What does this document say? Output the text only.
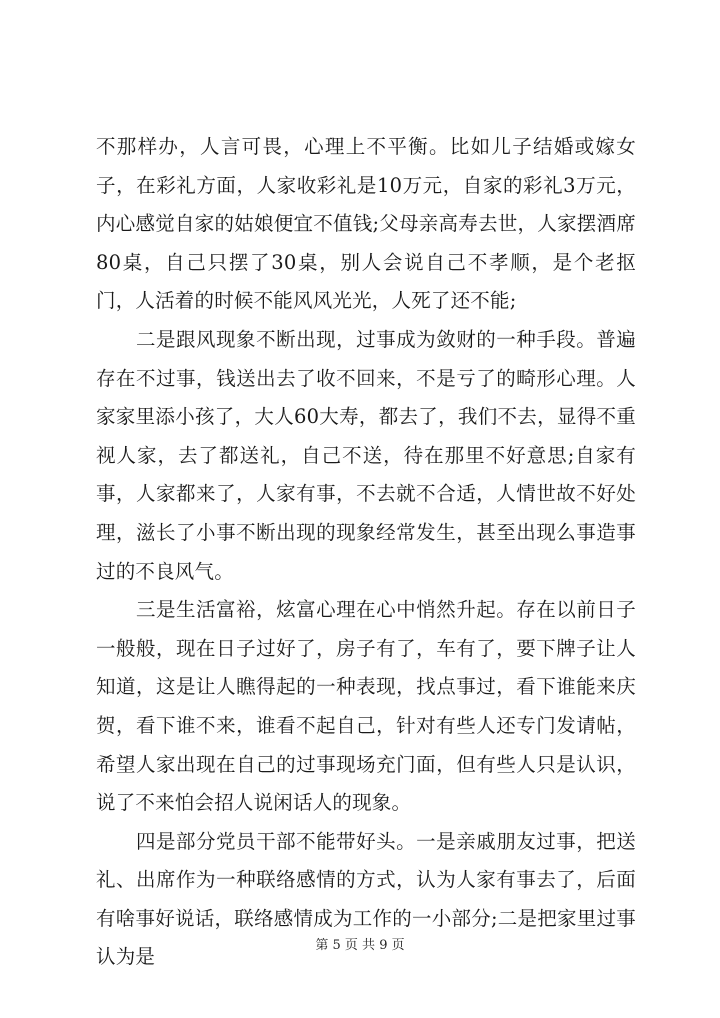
不那样办，人言可畏，心理上不平衡。比如儿子结婚或嫁女子，在彩礼方面，人家收彩礼是10万元，自家的彩礼3万元，内心感觉自家的姑娘便宜不值钱;父母亲高寿去世，人家摆酒席80桌，自己只摆了30桌，别人会说自己不孝顺，是个老抠门，人活着的时候不能风风光光，人死了还不能;

二是跟风现象不断出现，过事成为敛财的一种手段。普遍存在不过事，钱送出去了收不回来，不是亏了的畸形心理。人家家里添小孩了，大人60大寿，都去了，我们不去，显得不重视人家，去了都送礼，自己不送，待在那里不好意思;自家有事，人家都来了，人家有事，不去就不合适，人情世故不好处理，滋长了小事不断出现的现象经常发生，甚至出现么事造事过的不良风气。

三是生活富裕，炫富心理在心中悄然升起。存在以前日子一般般，现在日子过好了，房子有了，车有了，要下牌子让人知道，这是让人瞧得起的一种表现，找点事过，看下谁能来庆贺，看下谁不来，谁看不起自己，针对有些人还专门发请帖，希望人家出现在自己的过事现场充门面，但有些人只是认识，说了不来怕会招人说闲话人的现象。

四是部分党员干部不能带好头。一是亲戚朋友过事，把送礼、出席作为一种联络感情的方式，认为人家有事去了，后面有啥事好说话，联络感情成为工作的一小部分;二是把家里过事认为是	第 5 页 共 9 页
